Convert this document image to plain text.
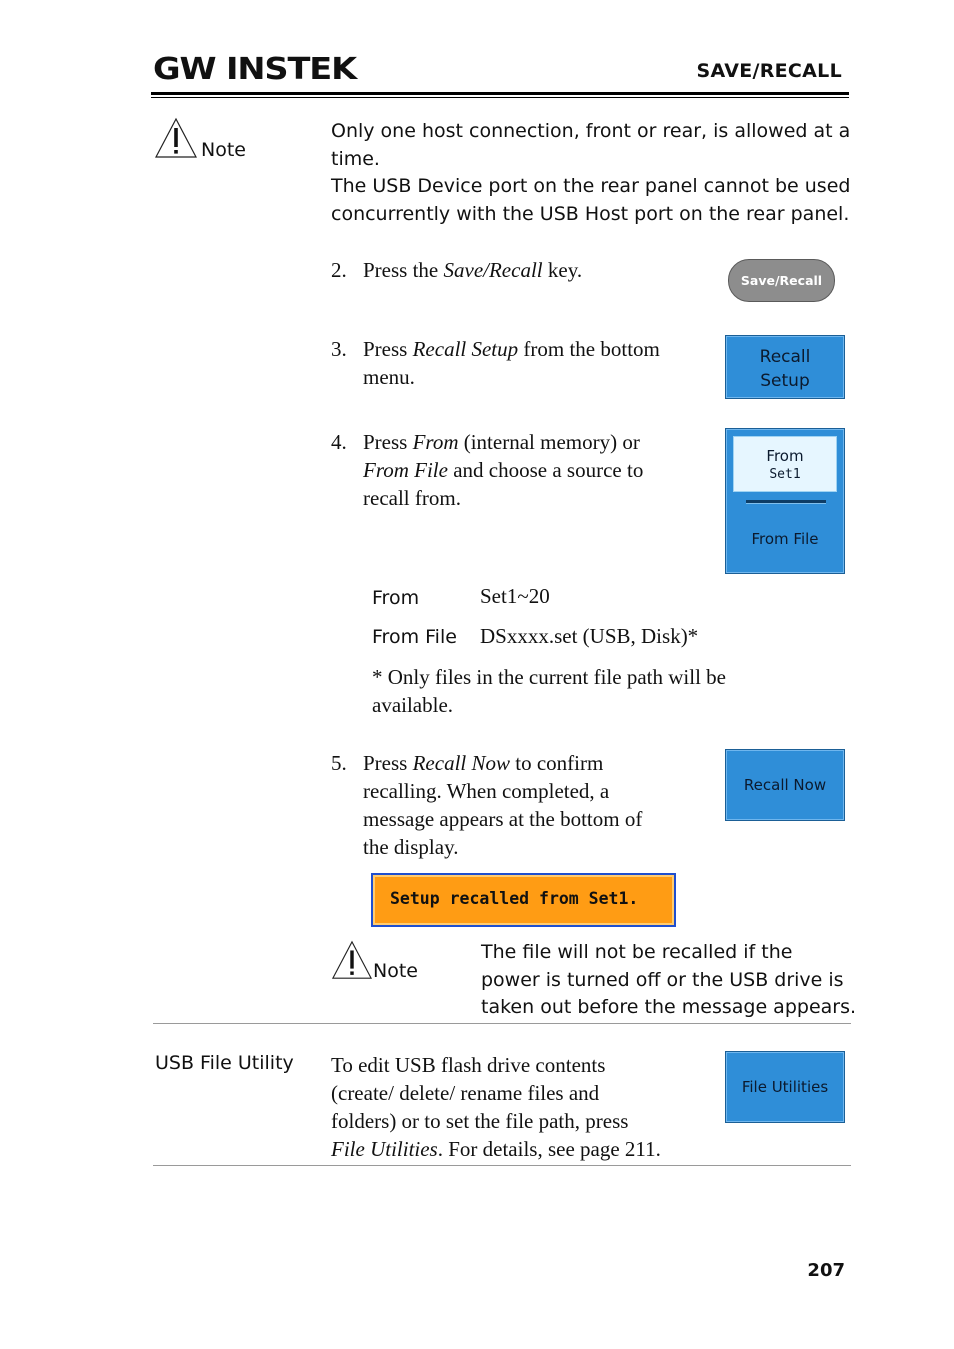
GW INSTEK	SAVE/RECALL
Note
Only one host connection, front or rear, is allowed at a
time.
The USB Device port on the rear panel cannot be used
concurrently with the USB Host port on the rear panel.
2. Press the Save/Recall key.	Save/Recall
3. Press Recall Setup from the bottom
menu.
Recall
Setup
4. Press From (internal memory) or
From File and choose a source to
recall from.
From
Set1
From File
From	Set1~20
From File DSxxxx.set (USB, Disk)*
* Only files in the current file path will be
available.
5. Press Recall Now to confirm
recalling. When completed, a
message appears at the bottom of
the display.
Recall Now
Setup recalled from Set1.
Note
The file will not be recalled if the
power is turned off or the USB drive is
taken out before the message appears.
USB File Utility To edit USB flash drive contents
(create/ delete/ rename files and
folders) or to set the file path, press
File Utilities. For details, see page 211.
File Utilities
207
